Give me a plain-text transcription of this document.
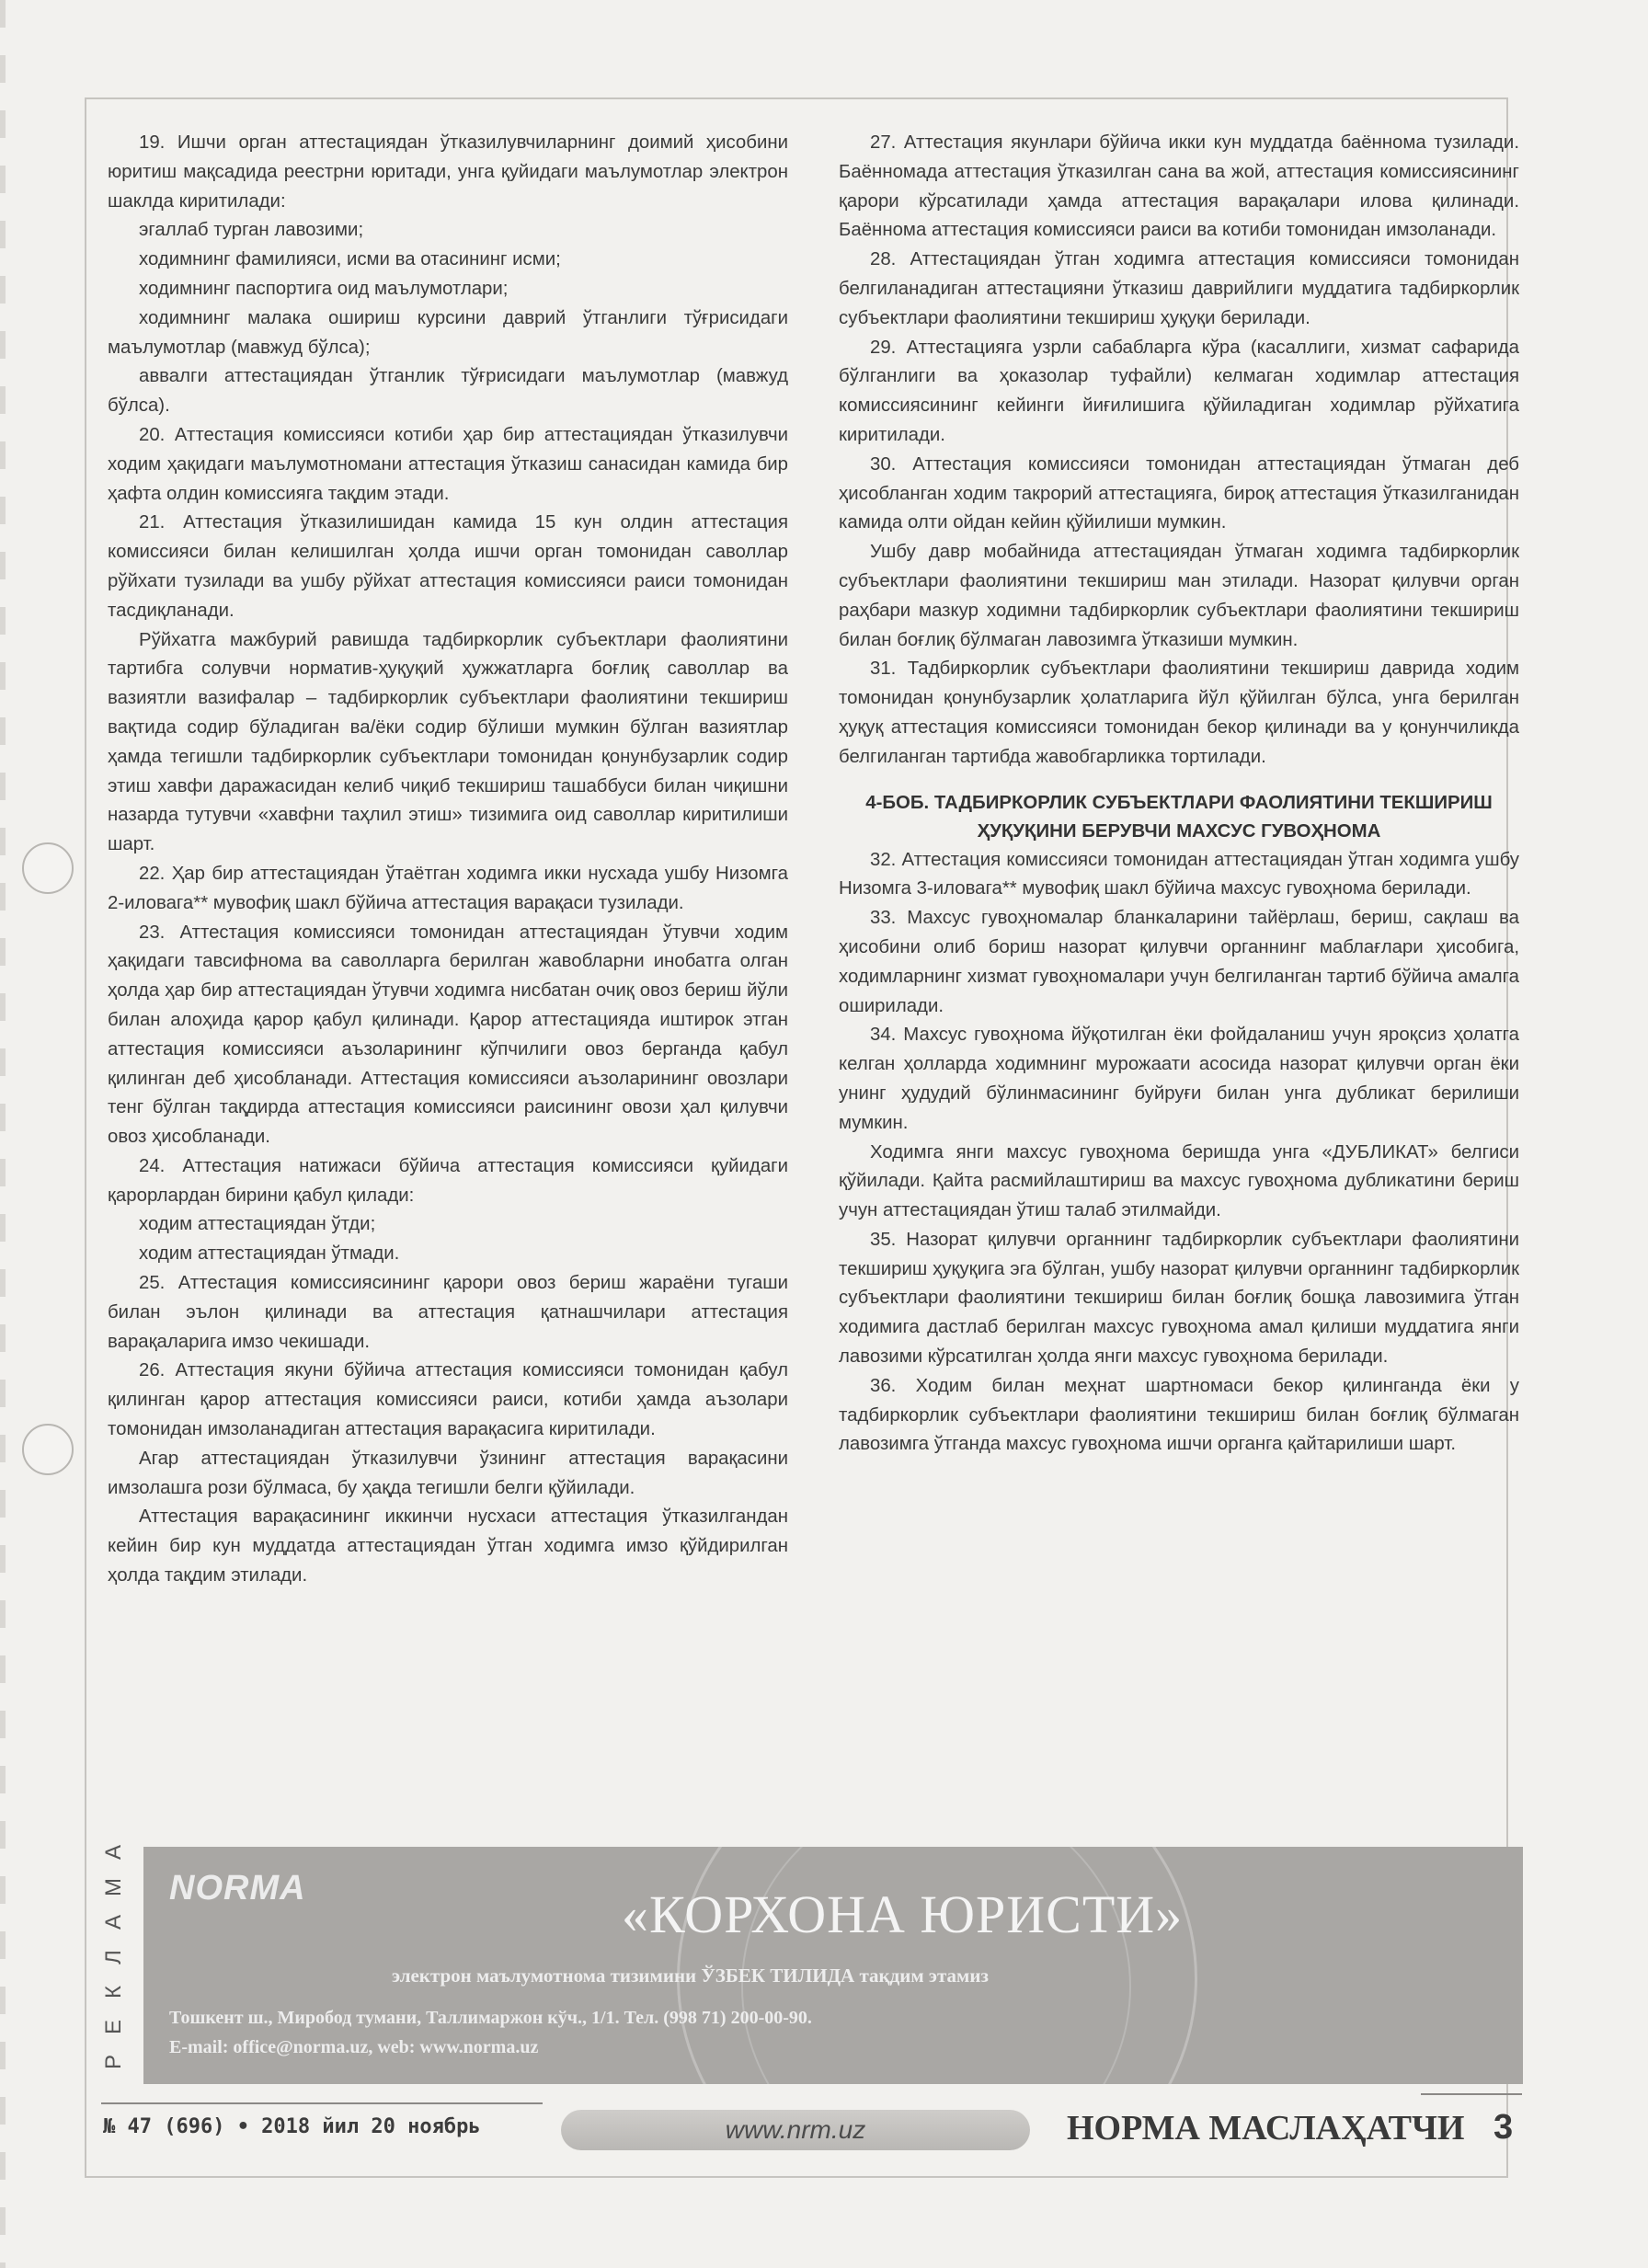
19. Ишчи орган аттестациядан ўтказилувчиларнинг доимий ҳисобини юритиш мақсадида реестрни юритади, унга қуйидаги маълумотлар электрон шаклда киритилади:

эгаллаб турган лавозими;

ходимнинг фамилияси, исми ва отасининг исми;

ходимнинг паспортига оид маълумотлари;

ходимнинг малака ошириш курсини даврий ўтганлиги тўғрисидаги маълумотлар (мавжуд бўлса);

аввалги аттестациядан ўтганлик тўғрисидаги маълумотлар (мавжуд бўлса).

20. Аттестация комиссияси котиби ҳар бир аттестациядан ўтказилувчи ходим ҳақидаги маълумотномани аттестация ўтказиш санасидан камида бир ҳафта олдин комиссияга тақдим этади.

21. Аттестация ўтказилишидан камида 15 кун олдин аттестация комиссияси билан келишилган ҳолда ишчи орган томонидан саволлар рўйхати тузилади ва ушбу рўйхат аттестация комиссияси раиси томонидан тасдиқланади.

Рўйхатга мажбурий равишда тадбиркорлик субъектлари фаолиятини тартибга солувчи норматив-ҳуқуқий ҳужжатларга боғлиқ саволлар ва вазиятли вазифалар – тадбиркорлик субъектлари фаолиятини текшириш вақтида содир бўладиган ва/ёки содир бўлиши мумкин бўлган вазиятлар ҳамда тегишли тадбиркорлик субъектлари томонидан қонунбузарлик содир этиш хавфи даражасидан келиб чиқиб текшириш ташаббуси билан чиқишни назарда тутувчи «хавфни таҳлил этиш» тизимига оид саволлар киритилиши шарт.

22. Ҳар бир аттестациядан ўтаётган ходимга икки нусхада ушбу Низомга 2-иловага** мувофиқ шакл бўйича аттестация варақаси тузилади.

23. Аттестация комиссияси томонидан аттестациядан ўтувчи ходим ҳақидаги тавсифнома ва саволларга берилган жавобларни инобатга олган ҳолда ҳар бир аттестациядан ўтувчи ходимга нисбатан очиқ овоз бериш йўли билан алоҳида қарор қабул қилинади. Қарор аттестацияда иштирок этган аттестация комиссияси аъзоларининг кўпчилиги овоз берганда қабул қилинган деб ҳисобланади. Аттестация комиссияси аъзоларининг овозлари тенг бўлган тақдирда аттестация комиссияси раисининг овози ҳал қилувчи овоз ҳисобланади.

24. Аттестация натижаси бўйича аттестация комиссияси қуйидаги қарорлардан бирини қабул қилади:

ходим аттестациядан ўтди;

ходим аттестациядан ўтмади.

25. Аттестация комиссиясининг қарори овоз бериш жараёни тугаши билан эълон қилинади ва аттестация қатнашчилари аттестация варақаларига имзо чекишади.

26. Аттестация якуни бўйича аттестация комиссияси томонидан қабул қилинган қарор аттестация комиссияси раиси, котиби ҳамда аъзолари томонидан имзоланадиган аттестация варақасига киритилади.

Агар аттестациядан ўтказилувчи ўзининг аттестация варақасини имзолашга рози бўлмаса, бу ҳақда тегишли белги қўйилади.

Аттестация варақасининг иккинчи нусхаси аттестация ўтказилгандан кейин бир кун муддатда аттестациядан ўтган ходимга имзо қўйдирилган ҳолда тақдим этилади.

27. Аттестация якунлари бўйича икки кун муддатда баённома тузилади. Баённомада аттестация ўтказилган сана ва жой, аттестация комиссиясининг қарори кўрсатилади ҳамда аттестация варақалари илова қилинади. Баённома аттестация комиссияси раиси ва котиби томонидан имзоланади.

28. Аттестациядан ўтган ходимга аттестация комиссияси томонидан белгиланадиган аттестацияни ўтказиш даврийлиги муддатига тадбиркорлик субъектлари фаолиятини текшириш ҳуқуқи берилади.

29. Аттестацияга узрли сабабларга кўра (касаллиги, хизмат сафарида бўлганлиги ва ҳоказолар туфайли) келмаган ходимлар аттестация комиссиясининг кейинги йиғилишига қўйиладиган ходимлар рўйхатига киритилади.

30. Аттестация комиссияси томонидан аттестациядан ўтмаган деб ҳисобланган ходим такрорий аттестацияга, бироқ аттестация ўтказилганидан камида олти ойдан кейин қўйилиши мумкин.

Ушбу давр мобайнида аттестациядан ўтмаган ходимга тадбиркорлик субъектлари фаолиятини текшириш ман этилади. Назорат қилувчи орган раҳбари мазкур ходимни тадбиркорлик субъектлари фаолиятини текшириш билан боғлиқ бўлмаган лавозимга ўтказиши мумкин.

31. Тадбиркорлик субъектлари фаолиятини текшириш даврида ходим томонидан қонунбузарлик ҳолатларига йўл қўйилган бўлса, унга берилган ҳуқуқ аттестация комиссияси томонидан бекор қилинади ва у қонунчиликда белгиланган тартибда жавобгарликка тортилади.

4-БОБ. ТАДБИРКОРЛИК СУБЪЕКТЛАРИ ФАОЛИЯТИНИ ТЕКШИРИШ ҲУҚУҚИНИ БЕРУВЧИ МАХСУС ГУВОҲНОМА

32. Аттестация комиссияси томонидан аттестациядан ўтган ходимга ушбу Низомга 3-иловага** мувофиқ шакл бўйича махсус гувоҳнома берилади.

33. Махсус гувоҳномалар бланкаларини тайёрлаш, бериш, сақлаш ва ҳисобини олиб бориш назорат қилувчи органнинг маблағлари ҳисобига, ходимларнинг хизмат гувоҳномалари учун белгиланган тартиб бўйича амалга оширилади.

34. Махсус гувоҳнома йўқотилган ёки фойдаланиш учун яроқсиз ҳолатга келган ҳолларда ходимнинг мурожаати асосида назорат қилувчи орган ёки унинг ҳудудий бўлинмасининг буйруғи билан унга дубликат берилиши мумкин.

Ходимга янги махсус гувоҳнома беришда унга «ДУБЛИКАТ» белгиси қўйилади. Қайта расмийлаштириш ва махсус гувоҳнома дубликатини бериш учун аттестациядан ўтиш талаб этилмайди.

35. Назорат қилувчи органнинг тадбиркорлик субъектлари фаолиятини текшириш ҳуқуқига эга бўлган, ушбу назорат қилувчи органнинг тадбиркорлик субъектлари фаолиятини текшириш билан боғлиқ бошқа лавозимига ўтган ходимига дастлаб берилган махсус гувоҳнома амал қилиши муддатига янги лавозими кўрсатилган ҳолда янги махсус гувоҳнома берилади.

36. Ходим билан меҳнат шартномаси бекор қилинганда ёки у тадбиркорлик субъектлари фаолиятини текшириш билан боғлиқ бўлмаган лавозимга ўтганда махсус гувоҳнома ишчи органга қайтарилиши шарт.

А
М
А
Л
К
Е
Р
NORMA	«КОРХОНА ЮРИСТИ»
электрон маълумотнома тизимини ЎЗБЕК ТИЛИДА тақдим этамиз
Тошкент ш., Миробод тумани, Таллимаржон кўч., 1/1. Тел. (998 71) 200-00-90.
E-mail: office@norma.uz, web: www.norma.uz
№ 47 (696) • 2018 йил 20 ноябрь	www.nrm.uz	НОРМА МАСЛАҲАТЧИ 3
